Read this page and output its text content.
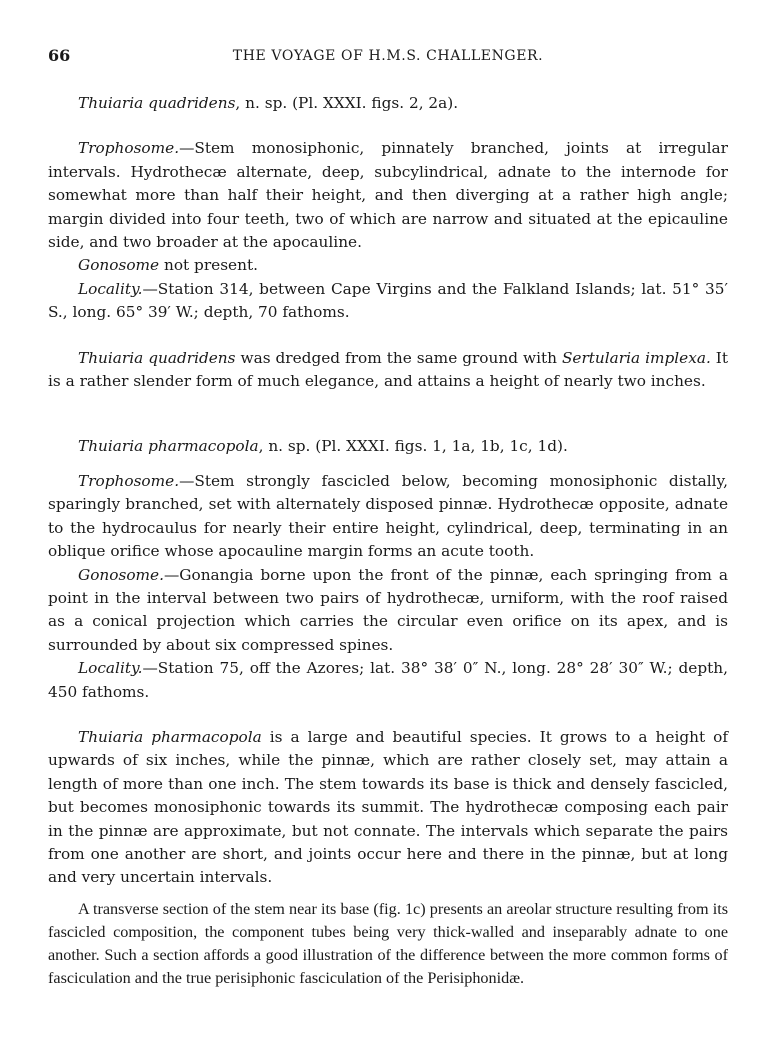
66	THE VOYAGE OF H.M.S. CHALLENGER.

Thuiaria quadridens, n. sp. (Pl. XXXI. figs. 2, 2a).

Trophosome.—Stem monosiphonic, pinnately branched, joints at irregular intervals. Hydrothecæ alternate, deep, subcylindrical, adnate to the internode for somewhat more than half their height, and then diverging at a rather high angle; margin divided into four teeth, two of which are narrow and situated at the epicauline side, and two broader at the apocauline.

Gonosome not present.

Locality.—Station 314, between Cape Virgins and the Falkland Islands; lat. 51° 35′ S., long. 65° 39′ W.; depth, 70 fathoms.

Thuiaria quadridens was dredged from the same ground with Sertularia implexa. It is a rather slender form of much elegance, and attains a height of nearly two inches.

Thuiaria pharmacopola, n. sp. (Pl. XXXI. figs. 1, 1a, 1b, 1c, 1d).

Trophosome.—Stem strongly fascicled below, becoming monosiphonic distally, sparingly branched, set with alternately disposed pinnæ. Hydrothecæ opposite, adnate to the hydrocaulus for nearly their entire height, cylindrical, deep, terminating in an oblique orifice whose apocauline margin forms an acute tooth.

Gonosome.—Gonangia borne upon the front of the pinnæ, each springing from a point in the interval between two pairs of hydrothecæ, urniform, with the roof raised as a conical projection which carries the circular even orifice on its apex, and is surrounded by about six compressed spines.

Locality.—Station 75, off the Azores; lat. 38° 38′ 0″ N., long. 28° 28′ 30″ W.; depth, 450 fathoms.

Thuiaria pharmacopola is a large and beautiful species. It grows to a height of upwards of six inches, while the pinnæ, which are rather closely set, may attain a length of more than one inch. The stem towards its base is thick and densely fascicled, but becomes monosiphonic towards its summit. The hydrothecæ composing each pair in the pinnæ are approximate, but not connate. The intervals which separate the pairs from one another are short, and joints occur here and there in the pinnæ, but at long and very uncertain intervals.

A transverse section of the stem near its base (fig. 1c) presents an areolar structure resulting from its fascicled composition, the component tubes being very thick-walled and inseparably adnate to one another. Such a section affords a good illustration of the difference between the more common forms of fasciculation and the true perisiphonic fasciculation of the Perisiphonidæ.
